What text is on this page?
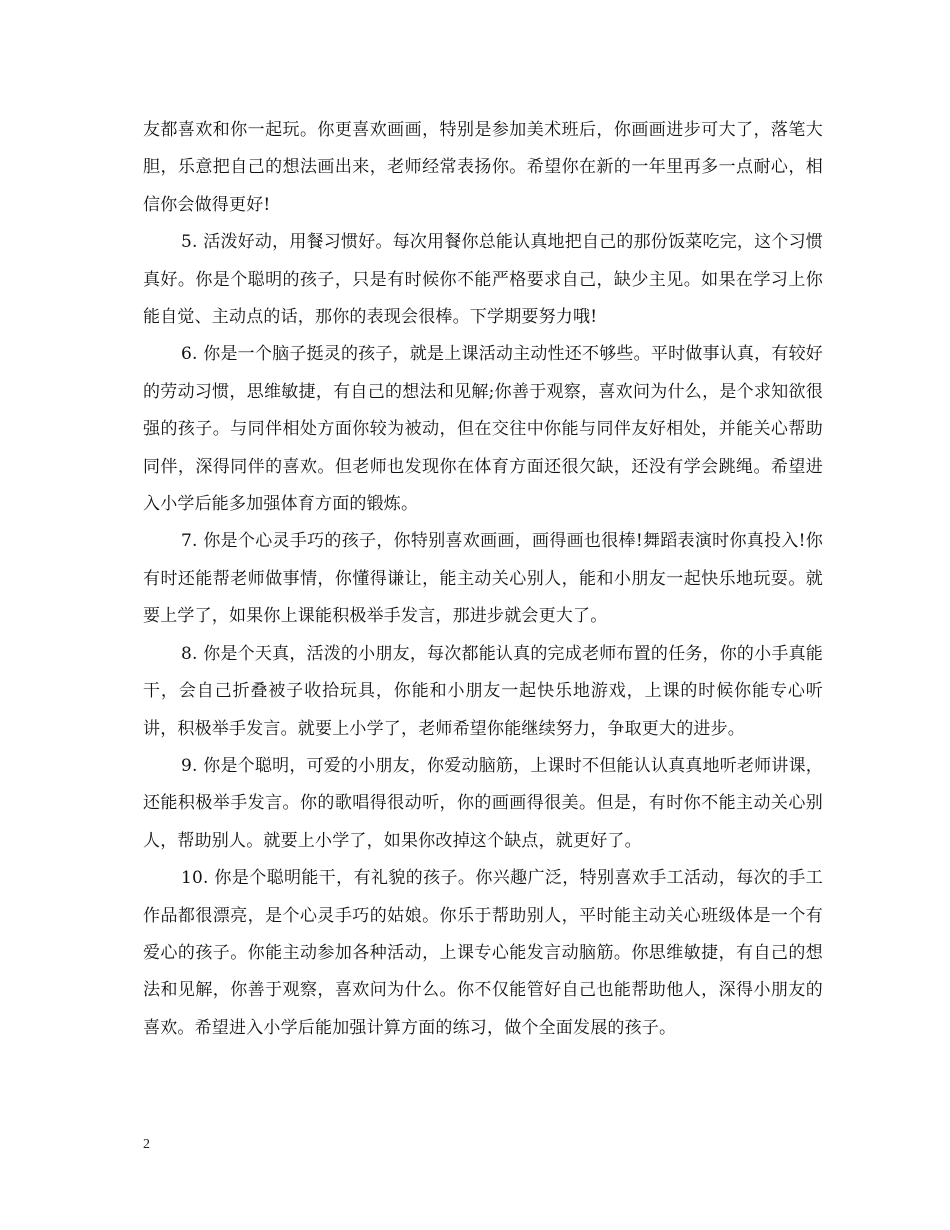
友都喜欢和你一起玩。你更喜欢画画，特别是参加美术班后，你画画进步可大了，落笔大胆，乐意把自己的想法画出来，老师经常表扬你。希望你在新的一年里再多一点耐心，相信你会做得更好!

5. 活泼好动，用餐习惯好。每次用餐你总能认真地把自己的那份饭菜吃完，这个习惯真好。你是个聪明的孩子，只是有时候你不能严格要求自己，缺少主见。如果在学习上你能自觉、主动点的话，那你的表现会很棒。下学期要努力哦!

6. 你是一个脑子挺灵的孩子，就是上课活动主动性还不够些。平时做事认真，有较好的劳动习惯，思维敏捷，有自己的想法和见解;你善于观察，喜欢问为什么，是个求知欲很强的孩子。与同伴相处方面你较为被动，但在交往中你能与同伴友好相处，并能关心帮助同伴，深得同伴的喜欢。但老师也发现你在体育方面还很欠缺，还没有学会跳绳。希望进入小学后能多加强体育方面的锻炼。

7. 你是个心灵手巧的孩子，你特别喜欢画画，画得画也很棒!舞蹈表演时你真投入!你有时还能帮老师做事情，你懂得谦让，能主动关心别人，能和小朋友一起快乐地玩耍。就要上学了，如果你上课能积极举手发言，那进步就会更大了。

8. 你是个天真，活泼的小朋友，每次都能认真的完成老师布置的任务，你的小手真能干，会自己折叠被子收拾玩具，你能和小朋友一起快乐地游戏，上课的时候你能专心听讲，积极举手发言。就要上小学了，老师希望你能继续努力，争取更大的进步。

9. 你是个聪明，可爱的小朋友，你爱动脑筋，上课时不但能认认真真地听老师讲课，还能积极举手发言。你的歌唱得很动听，你的画画得很美。但是，有时你不能主动关心别人，帮助别人。就要上小学了，如果你改掉这个缺点，就更好了。

10. 你是个聪明能干，有礼貌的孩子。你兴趣广泛，特别喜欢手工活动，每次的手工作品都很漂亮，是个心灵手巧的姑娘。你乐于帮助别人，平时能主动关心班级体是一个有爱心的孩子。你能主动参加各种活动，上课专心能发言动脑筋。你思维敏捷，有自己的想法和见解，你善于观察，喜欢问为什么。你不仅能管好自己也能帮助他人，深得小朋友的喜欢。希望进入小学后能加强计算方面的练习，做个全面发展的孩子。

2
